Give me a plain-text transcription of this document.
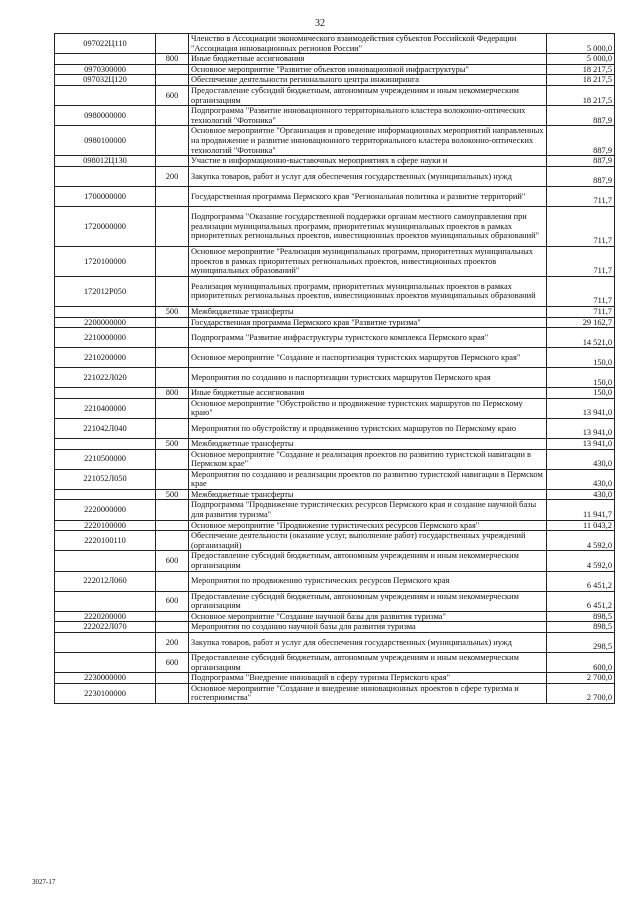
32
097022Ц110		Членство в Ассоциации экономического взаимодействия субъектов Российской Федерации "Ассоциация инновационных регионов России"	5 000,0
	800	Иные бюджетные ассигнования	5 000,0
0970300000		Основное мероприятие "Развитие объектов инновационной инфраструктуры"	18 217,5
097032Ц120		Обеспечение деятельности регионального центра инжиниринга	18 217,5
	600	Предоставление субсидий бюджетным, автономным учреждениям и иным некоммерческим организациям	18 217,5
0980000000		Подпрограмма "Развитие инновационного территориального кластера волоконно-оптических технологий "Фотоника"	887,9
0980100000		Основное мероприятие "Организация и проведение информационных мероприятий направленных на продвижение и развитие инновационного территориального кластера волоконно-оптических технологий "Фотоника"	887,9
098012Ц130		Участие в информационно-выставочных мероприятиях в сфере науки и	887,9
	200	Закупка товаров, работ и услуг для обеспечения государственных (муниципальных) нужд	887,9
1700000000		Государственная программа Пермского края "Региональная политика и развитие территорий"	711,7
1720000000		Подпрограмма "Оказание государственной поддержки органам местного самоуправления при реализации муниципальных программ, приоритетных муниципальных проектов в рамках приоритетных региональных проектов, инвестиционных проектов муниципальных образований"	711,7
1720100000		Основное мероприятие "Реализация муниципальных программ, приоритетных муниципальных проектов в рамках приоритетных региональных проектов, инвестиционных проектов муниципальных образований"	711,7
172012Р050		Реализация муниципальных программ, приоритетных муниципальных проектов в рамках приоритетных региональных проектов, инвестиционных проектов муниципальных образований	711,7
	500	Межбюджетные трансферты	711,7
2200000000		Государственная программа Пермского края "Развитие туризма"	29 162,7
2210000000		Подпрограмма "Развитие инфраструктуры туристского комплекса Пермского края"	14 521,0
2210200000		Основное мероприятие "Создание и паспортизация туристских маршрутов Пермского края"	150,0
221022Л020		Мероприятия по созданию и паспортизации туристских маршрутов Пермского края	150,0
	800	Иные бюджетные ассигнования	150,0
2210400000		Основное мероприятие "Обустройство и продвижение туристских маршрутов по Пермскому краю"	13 941,0
221042Л040		Мероприятия по обустройству и продвижению туристских маршрутов по Пермскому краю	13 941,0
	500	Межбюджетные трансферты	13 941,0
2210500000		Основное мероприятие "Создание и реализация проектов по развитию туристской навигации в Пермском крае"	430,0
221052Л050		Мероприятия по созданию и реализации проектов по развитию туристской навигации в Пермском крае	430,0
	500	Межбюджетные трансферты	430,0
2220000000		Подпрограмма "Продвижение туристических ресурсов Пермского края и создание научной базы для развития туризма"	11 941,7
2220100000		Основное мероприятие "Продвижение туристических ресурсов Пермского края"	11 043,2
2220100110		Обеспечение деятельности (оказание услуг, выполнение работ) государственных учреждений (организаций)	4 592,0
	600	Предоставление субсидий бюджетным, автономным учреждениям и иным некоммерческим организациям	4 592,0
222012Л060		Мероприятия по продвижению туристических ресурсов Пермского края	6 451,2
	600	Предоставление субсидий бюджетным, автономным учреждениям и иным некоммерческим организациям	6 451,2
2220200000		Основное мероприятие "Создание научной базы для развития туризма"	898,5
222022Л070		Мероприятия по созданию научной базы для развития туризма	898,5
	200	Закупка товаров, работ и услуг для обеспечения государственных (муниципальных) нужд	298,5
	600	Предоставление субсидий бюджетным, автономным учреждениям и иным некоммерческим организациям	600,0
2230000000		Подпрограмма "Внедрение инноваций в сферу туризма Пермского края"	2 700,0
2230100000		Основное мероприятие "Создание и внедрение инновационных проектов в сфере туризма и гостеприимства"	2 700,0
3027-17
